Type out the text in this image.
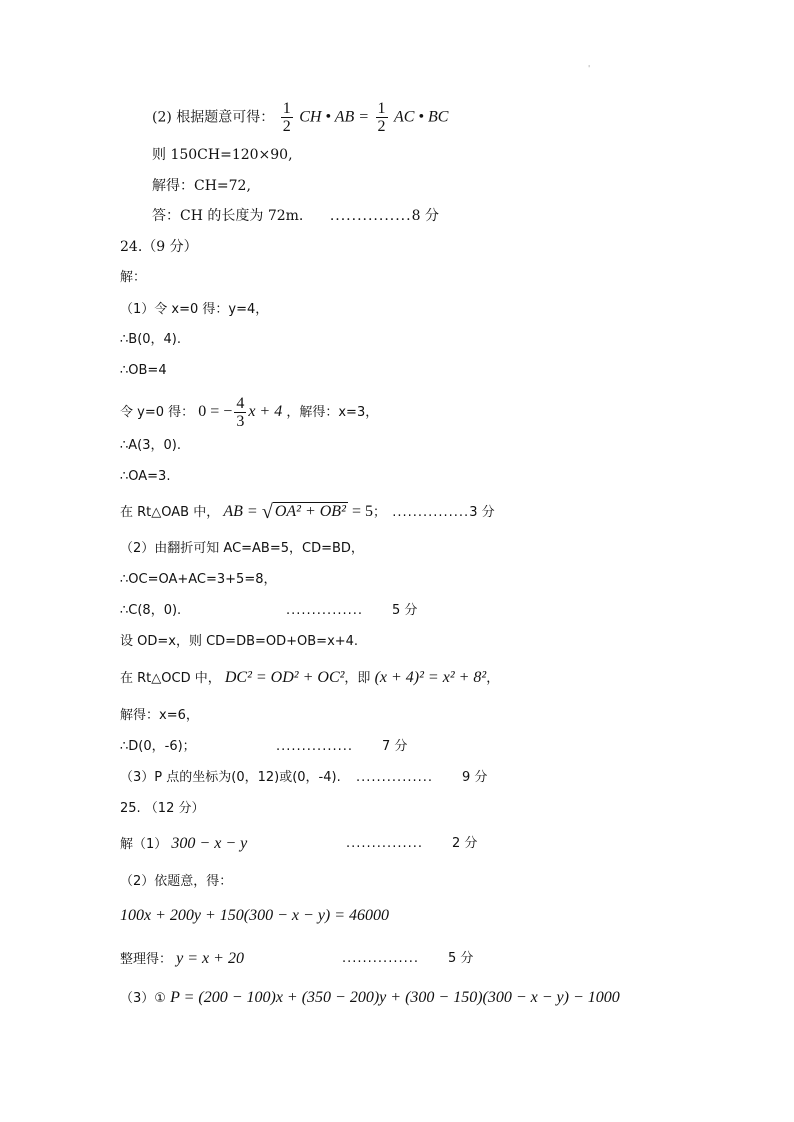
'
(2) 根据题意可得： $\frac{1}{2}$ CH • AB = $\frac{1}{2}$ AC • BC
则 150CH=120×90,
解得：CH=72,
答：CH 的长度为 72m. ...............8 分
24.（9 分）
解：
（1）令 x=0 得：y=4，
∴B(0，4).
∴OB=4
令 y=0 得： 0 = − $\frac{4}{3}$ x + 4 ，解得：x=3，
∴A(3，0).
∴OA=3.
在 Rt△OAB 中， AB = √ OA² + OB² = 5； ...............3 分
（2）由翻折可知 AC=AB=5，CD=BD，
∴OC=OA+AC=3+5=8，
∴C(8，0).	............... 5 分
设 OD=x，则 CD=DB=OD+OB=x+4.
在 Rt△OCD 中， DC² = OD² + OC²，即 (x + 4)² = x² + 8²，
解得：x=6，
∴D(0，-6)；	............... 7 分
（3）P 点的坐标为(0，12)或(0，-4). ............... 9 分
25. （12 分）
解（1） 300 − x − y	............... 2 分
（2）依题意，得：
100x + 200y + 150(300 − x − y) = 46000
整理得： y = x + 20	............... 5 分
（3）① P = (200 − 100)x + (350 − 200)y + (300 − 150)(300 − x − y) − 1000
